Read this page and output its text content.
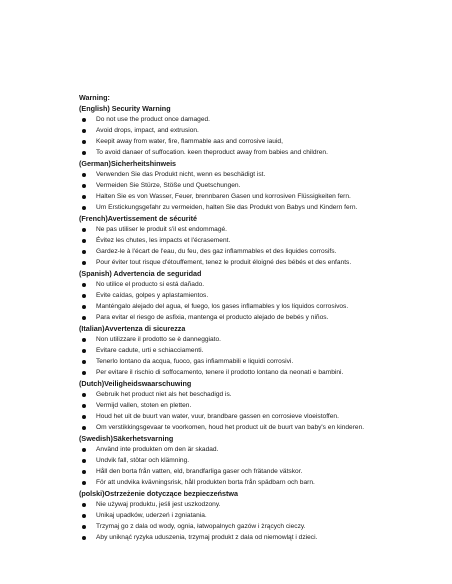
Warning:
(English) Security Warning
Do not use the product once damaged.
Avoid drops, impact, and extrusion.
Keepit away from water, fire, flammable aas and corrosive iauid,
To avoid danaer of suffocation. keen theproduct away from babies and children.
(German)Sicherheitshinweis
Verwenden Sie das Produkt nicht, wenn es beschädigt ist.
Vermeiden Sie Stürze, Stöße und Quetschungen.
Halten Sie es von Wasser, Feuer, brennbaren Gasen und korrosiven Flüssigkeiten fern.
Um Erstickungsgefahr zu vermeiden, halten Sie das Produkt von Babys und Kindern fern.
(French)Avertissement de sécurité
Ne pas utiliser le produit s'il est endommagé.
Évitez les chutes, les impacts et l'écrasement.
Gardez-le à l'écart de l'eau, du feu, des gaz inflammables et des liquides corrosifs.
Pour éviter tout risque d'étouffement, tenez le produit éloigné des bébés et des enfants.
(Spanish) Advertencia de seguridad
No utilice el producto si está dañado.
Evite caídas, golpes y aplastamientos.
Manténgalo alejado del agua, el fuego, los gases inflamables y los líquidos corrosivos.
Para evitar el riesgo de asfixia, mantenga el producto alejado de bebés y niños.
(Italian)Avvertenza di sicurezza
Non utilizzare il prodotto se è danneggiato.
Evitare cadute, urti e schiacciamenti.
Tenerlo lontano da acqua, fuoco, gas infiammabili e liquidi corrosivi.
Per evitare il rischio di soffocamento, tenere il prodotto lontano da neonati e bambini.
(Dutch)Veiligheidswaarschuwing
Gebruik het product niet als het beschadigd is.
Vermijd vallen, stoten en pletten.
Houd het uit de buurt van water, vuur, brandbare gassen en corrosieve vloeistoffen.
Om verstikkingsgevaar te voorkomen, houd het product uit de buurt van baby's en kinderen.
(Swedish)Säkerhetsvarning
Använd inte produkten om den är skadad.
Undvik fall, stötar och klämning.
Håll den borta från vatten, eld, brandfarliga gaser och frätande vätskor.
För att undvika kvävningsrisk, håll produkten borta från spädbarn och barn.
(polski)Ostrzeżenie dotyczące bezpieczeństwa
Nie używaj produktu, jeśli jest uszkodzony.
Unikaj upadków, uderzeń i zgniatania.
Trzymaj go z dala od wody, ognia, łatwopalnych gazów i żrących cieczy.
Aby uniknąć ryzyka uduszenia, trzymaj produkt z dala od niemowląt i dzieci.
